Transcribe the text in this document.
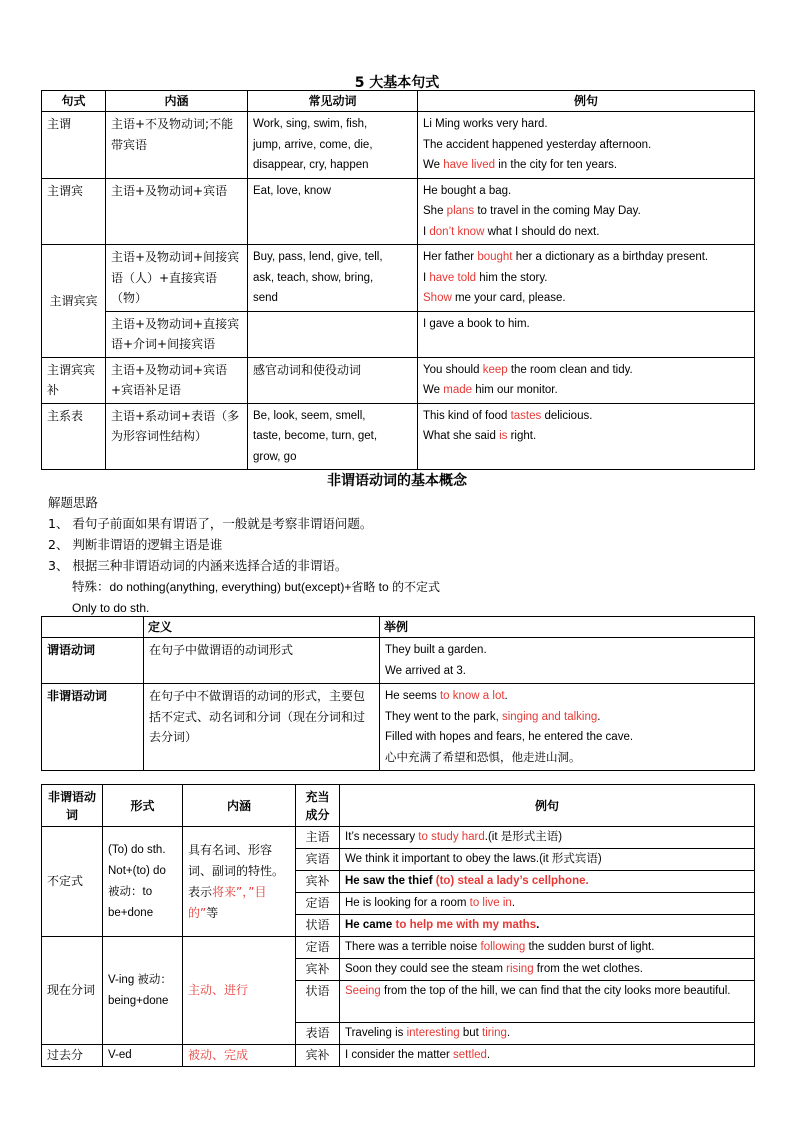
5 大基本句式
句式	内涵	常见动词	例句
主谓	主语+不及物动词;不能带宾语	Work, sing, swim, fish,
jump, arrive, come, die,
disappear, cry, happen	Li Ming works very hard.
The accident happened yesterday afternoon.
We have lived in the city for ten years.

主谓宾	主语+及物动词+宾语	Eat, love, know	He bought a bag.
She plans to travel in the coming May Day.
I don’t know what I should do next.

主谓宾宾	主语+及物动词+间接宾语（人）+直接宾语（物）	Buy, pass, lend, give, tell,
ask, teach, show, bring,
send	Her father bought her a dictionary as a birthday present.
I have told him the story.
Show me your card, please.

	主语+及物动词+直接宾语+介词+间接宾语		I gave a book to him.

主谓宾宾补	主语+及物动词+宾语+宾语补足语	感官动词和使役动词	You should keep the room clean and tidy.
We made him our monitor.

主系表	主语+系动词+表语（多为形容词性结构）	Be, look, seem, smell,
taste, become, turn, get,
grow, go	This kind of food tastes delicious.
What she said is right.
非谓语动词的基本概念
解题思路
1、 看句子前面如果有谓语了，一般就是考察非谓语问题。
2、 判断非谓语的逻辑主语是谁
3、 根据三种非谓语动词的内涵来选择合适的非谓语。
特殊：do nothing(anything, everything) but(except)+省略 to 的不定式
Only to do sth.
	定义	举例
谓语动词	在句子中做谓语的动词形式	They built a garden.
We arrived at 3.

非谓语动词	在句子中不做谓语的动词的形式，主要包括不定式、动名词和分词（现在分词和过去分词）	He seems to know a lot.
They went to the park, singing and talking.
Filled with hopes and fears, he entered the cave.
心中充满了希望和恐惧，他走进山洞。
非谓语动词	形式	内涵	充当成分	例句
不定式	(To) do sth. Not+(to) do 被动：to be+done	具有名词、形容词、副词的特性。表示将来”，”目的”等	主语	It’s necessary to study hard.(it 是形式主语)
			宾语	We think it important to obey the laws.(it 形式宾语)
			宾补	He saw the thief (to) steal a lady’s cellphone.
			定语	He is looking for a room to live in.
			状语	He came to help me with my maths.
现在分词	V-ing 被动：being+done	主动、进行	定语	There was a terrible noise following the sudden burst of light.
			宾补	Soon they could see the steam rising from the wet clothes.
			状语	Seeing from the top of the hill, we can find that the city looks more beautiful.
			表语	Traveling is interesting but tiring.
过去分	V-ed	被动、完成	宾补	I consider the matter settled.
